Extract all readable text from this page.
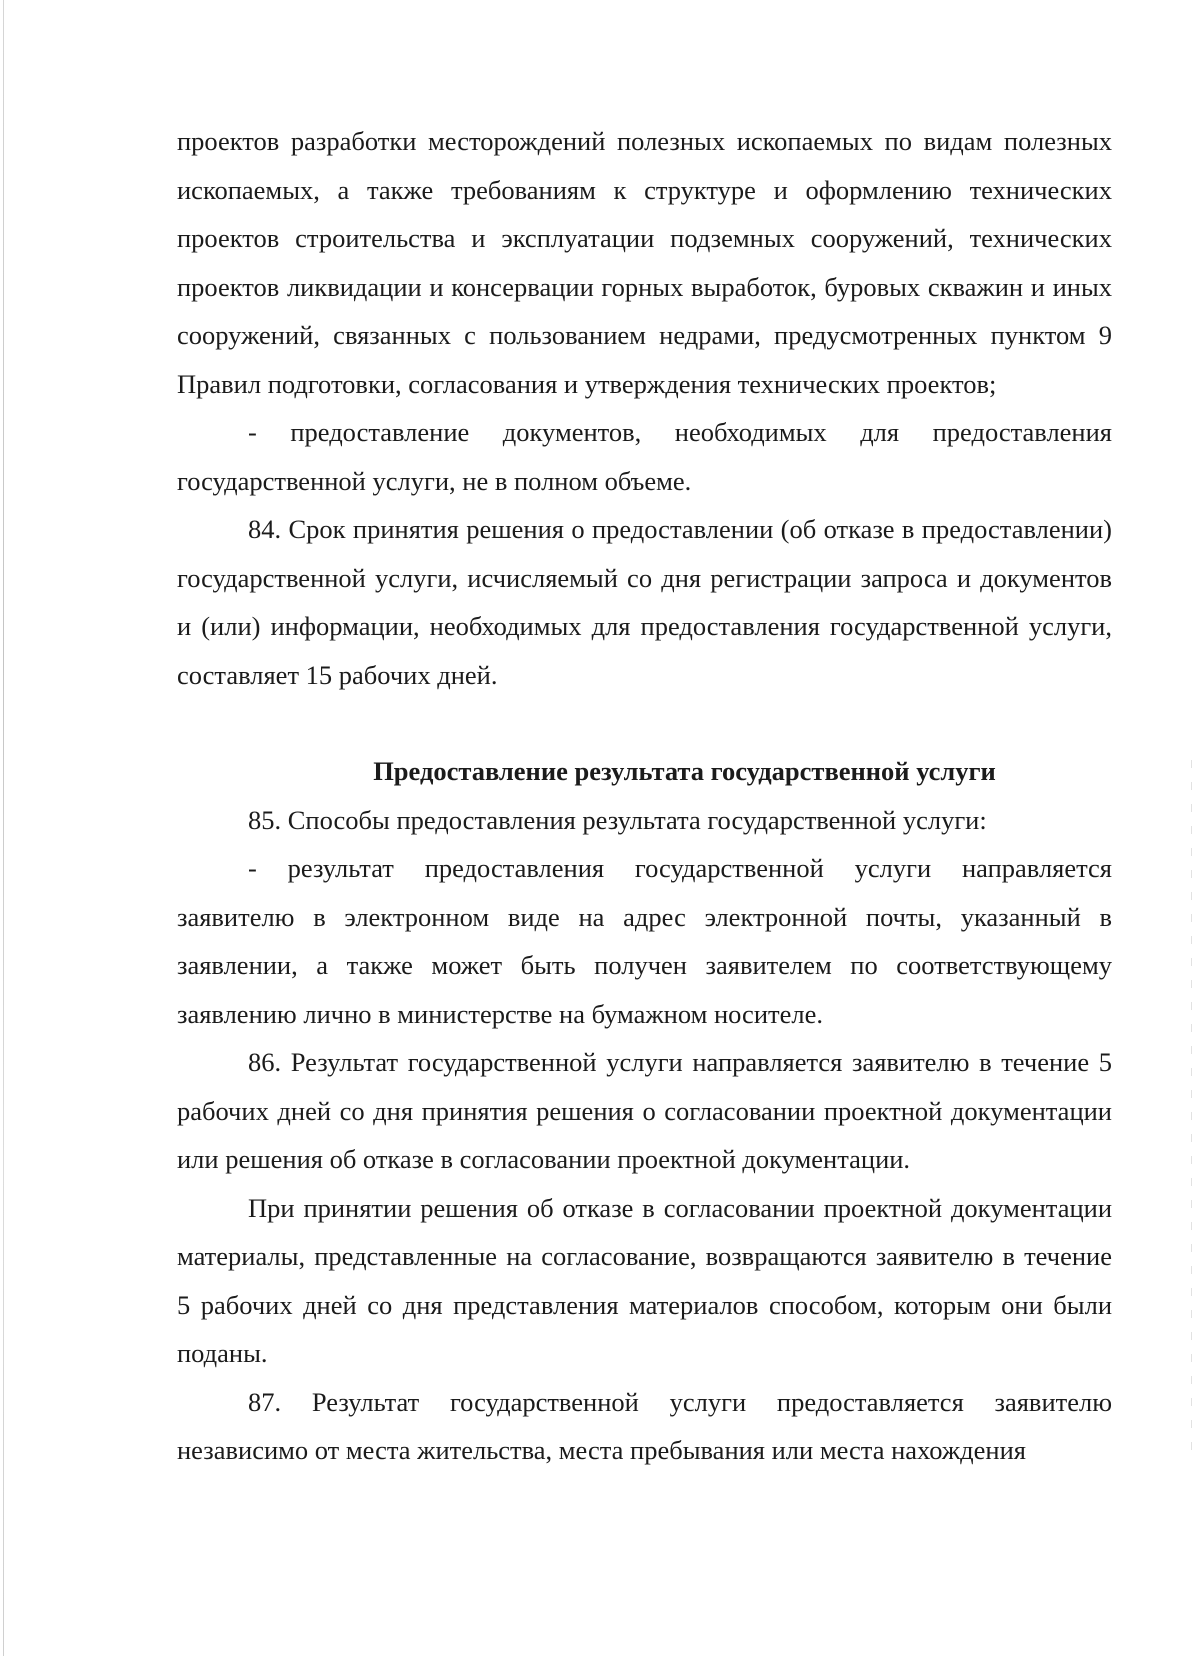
проектов разработки месторождений полезных ископаемых по видам полезных ископаемых, а также требованиям к структуре и оформлению технических проектов строительства и эксплуатации подземных сооружений, технических проектов ликвидации и консервации горных выработок, буровых скважин и иных сооружений, связанных с пользованием недрами, предусмотренных пунктом 9 Правил подготовки, согласования и утверждения технических проектов;

- предоставление документов, необходимых для предоставления государственной услуги, не в полном объеме.

84. Срок принятия решения о предоставлении (об отказе в предоставлении) государственной услуги, исчисляемый со дня регистрации запроса и документов и (или) информации, необходимых для предоставления государственной услуги, составляет 15 рабочих дней.

Предоставление результата государственной услуги

85. Способы предоставления результата государственной услуги:

- результат предоставления государственной услуги направляется заявителю в электронном виде на адрес электронной почты, указанный в заявлении, а также может быть получен заявителем по соответствующему заявлению лично в министерстве на бумажном носителе.

86. Результат государственной услуги направляется заявителю в течение 5 рабочих дней со дня принятия решения о согласовании проектной документации или решения об отказе в согласовании проектной документации.

При принятии решения об отказе в согласовании проектной документации материалы, представленные на согласование, возвращаются заявителю в течение 5 рабочих дней со дня представления материалов способом, которым они были поданы.

87. Результат государственной услуги предоставляется заявителю независимо от места жительства, места пребывания или места нахождения
